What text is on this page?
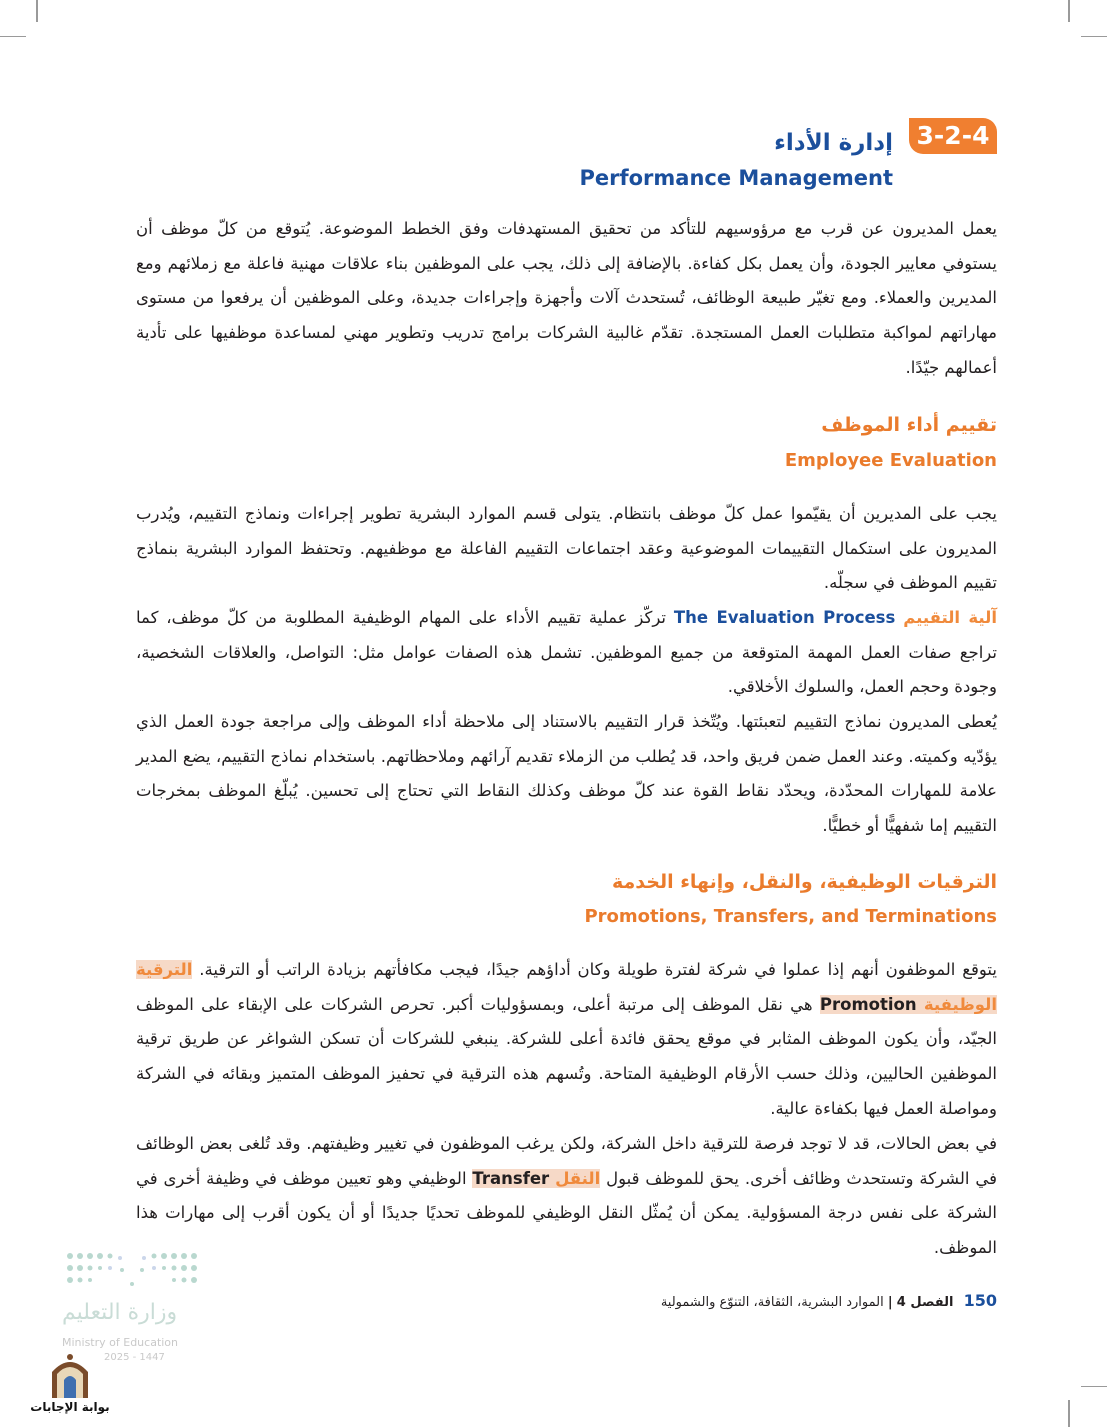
3-2-4
إدارة الأداء
Performance Management

يعمل المديرون عن قرب مع مرؤوسيهم للتأكد من تحقيق المستهدفات وفق الخطط الموضوعة. يُتوقع من كلّ موظف أن يستوفي معايير الجودة، وأن يعمل بكل كفاءة. بالإضافة إلى ذلك، يجب على الموظفين بناء علاقات مهنية فاعلة مع زملائهم ومع المديرين والعملاء. ومع تغيّر طبيعة الوظائف، تُستحدث آلات وأجهزة وإجراءات جديدة، وعلى الموظفين أن يرفعوا من مستوى مهاراتهم لمواكبة متطلبات العمل المستجدة. تقدّم غالبية الشركات برامج تدريب وتطوير مهني لمساعدة موظفيها على تأدية أعمالهم جيّدًا.

تقييم أداء الموظف
Employee Evaluation

يجب على المديرين أن يقيّموا عمل كلّ موظف بانتظام. يتولى قسم الموارد البشرية تطوير إجراءات ونماذج التقييم، ويُدرب المديرون على استكمال التقييمات الموضوعية وعقد اجتماعات التقييم الفاعلة مع موظفيهم. وتحتفظ الموارد البشرية بنماذج تقييم الموظف في سجلّه.

آلية التقييم The Evaluation Process تركّز عملية تقييم الأداء على المهام الوظيفية المطلوبة من كلّ موظف، كما تراجع صفات العمل المهمة المتوقعة من جميع الموظفين. تشمل هذه الصفات عوامل مثل: التواصل، والعلاقات الشخصية، وجودة وحجم العمل، والسلوك الأخلاقي.

يُعطى المديرون نماذج التقييم لتعبئتها. ويُتّخذ قرار التقييم بالاستناد إلى ملاحظة أداء الموظف وإلى مراجعة جودة العمل الذي يؤدّيه وكميته. وعند العمل ضمن فريق واحد، قد يُطلب من الزملاء تقديم آرائهم وملاحظاتهم. باستخدام نماذج التقييم، يضع المدير علامة للمهارات المحدّدة، ويحدّد نقاط القوة عند كلّ موظف وكذلك النقاط التي تحتاج إلى تحسين. يُبلّغ الموظف بمخرجات التقييم إما شفهيًّا أو خطيًّا.

الترقيات الوظيفية، والنقل، وإنهاء الخدمة
Promotions, Transfers, and Terminations

يتوقع الموظفون أنهم إذا عملوا في شركة لفترة طويلة وكان أداؤهم جيدًا، فيجب مكافأتهم بزيادة الراتب أو الترقية. الترقية الوظيفية Promotion هي نقل الموظف إلى مرتبة أعلى، وبمسؤوليات أكبر. تحرص الشركات على الإبقاء على الموظف الجيّد، وأن يكون الموظف المثابر في موقع يحقق فائدة أعلى للشركة. ينبغي للشركات أن تسكن الشواغر عن طريق ترقية الموظفين الحاليين، وذلك حسب الأرقام الوظيفية المتاحة. وتُسهم هذه الترقية في تحفيز الموظف المتميز وبقائه في الشركة ومواصلة العمل فيها بكفاءة عالية.

في بعض الحالات، قد لا توجد فرصة للترقية داخل الشركة، ولكن يرغب الموظفون في تغيير وظيفتهم. وقد تُلغى بعض الوظائف في الشركة وتستحدث وظائف أخرى. يحق للموظف قبول النقل Transfer الوظيفي وهو تعيين موظف في وظيفة أخرى في الشركة على نفس درجة المسؤولية. يمكن أن يُمثّل النقل الوظيفي للموظف تحديًا جديدًا أو أن يكون أقرب إلى مهارات هذا الموظف.

150 الفصل 4 | الموارد البشرية، الثقافة، التنوّع والشمولية
وزارة التعليم
Ministry of Education
2025 - 1447
بوابة الإجابات
